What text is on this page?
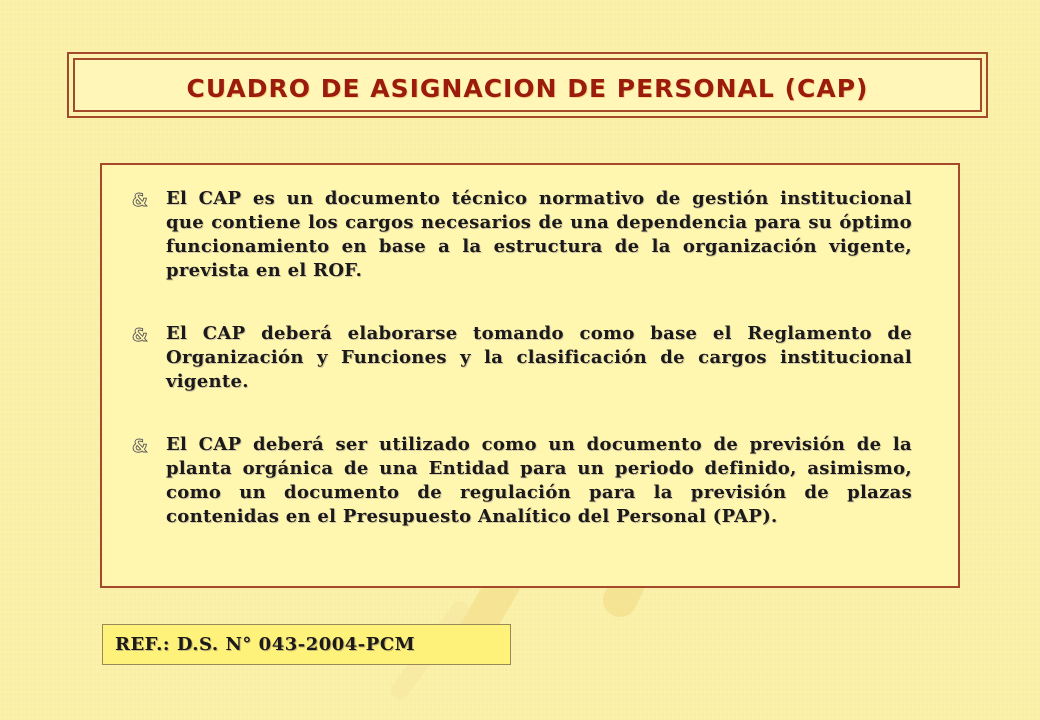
cuadro de asignacion de personal (cap)
& El CAP es un documento técnico normativo de gestión institucional que contiene los cargos necesarios de una dependencia para su óptimo funcionamiento en base a la estructura de la organización vigente, prevista en el ROF.
& El CAP deberá elaborarse tomando como base el Reglamento de Organización y Funciones y la clasificación de cargos institucional vigente.
& El CAP deberá ser utilizado como un documento de previsión de la planta orgánica de una Entidad para un periodo definido, asimismo, como un documento de regulación para la previsión de plazas contenidas en el Presupuesto Analítico del Personal (PAP).
REF.: D.S. N° 043-2004-PCM
